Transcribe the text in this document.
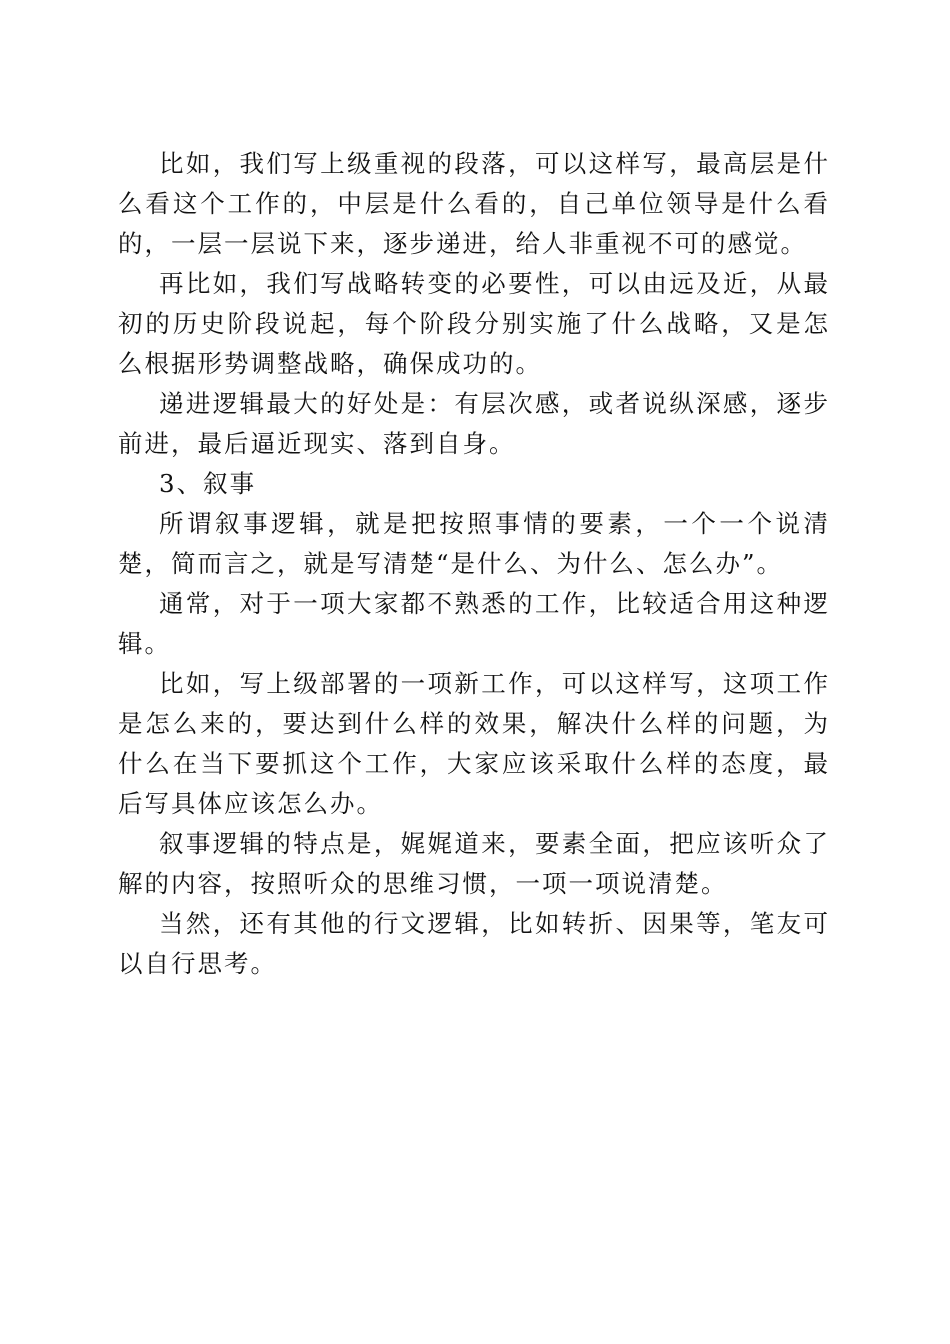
比如，我们写上级重视的段落，可以这样写，最高层是什么看这个工作的，中层是什么看的，自己单位领导是什么看的，一层一层说下来，逐步递进，给人非重视不可的感觉。

再比如，我们写战略转变的必要性，可以由远及近，从最初的历史阶段说起，每个阶段分别实施了什么战略，又是怎么根据形势调整战略，确保成功的。

递进逻辑最大的好处是：有层次感，或者说纵深感，逐步前进，最后逼近现实、落到自身。

3、叙事

所谓叙事逻辑，就是把按照事情的要素，一个一个说清楚，简而言之，就是写清楚“是什么、为什么、怎么办”。

通常，对于一项大家都不熟悉的工作，比较适合用这种逻辑。

比如，写上级部署的一项新工作，可以这样写，这项工作是怎么来的，要达到什么样的效果，解决什么样的问题，为什么在当下要抓这个工作，大家应该采取什么样的态度，最后写具体应该怎么办。

叙事逻辑的特点是，娓娓道来，要素全面，把应该听众了解的内容，按照听众的思维习惯，一项一项说清楚。

当然，还有其他的行文逻辑，比如转折、因果等，笔友可以自行思考。
